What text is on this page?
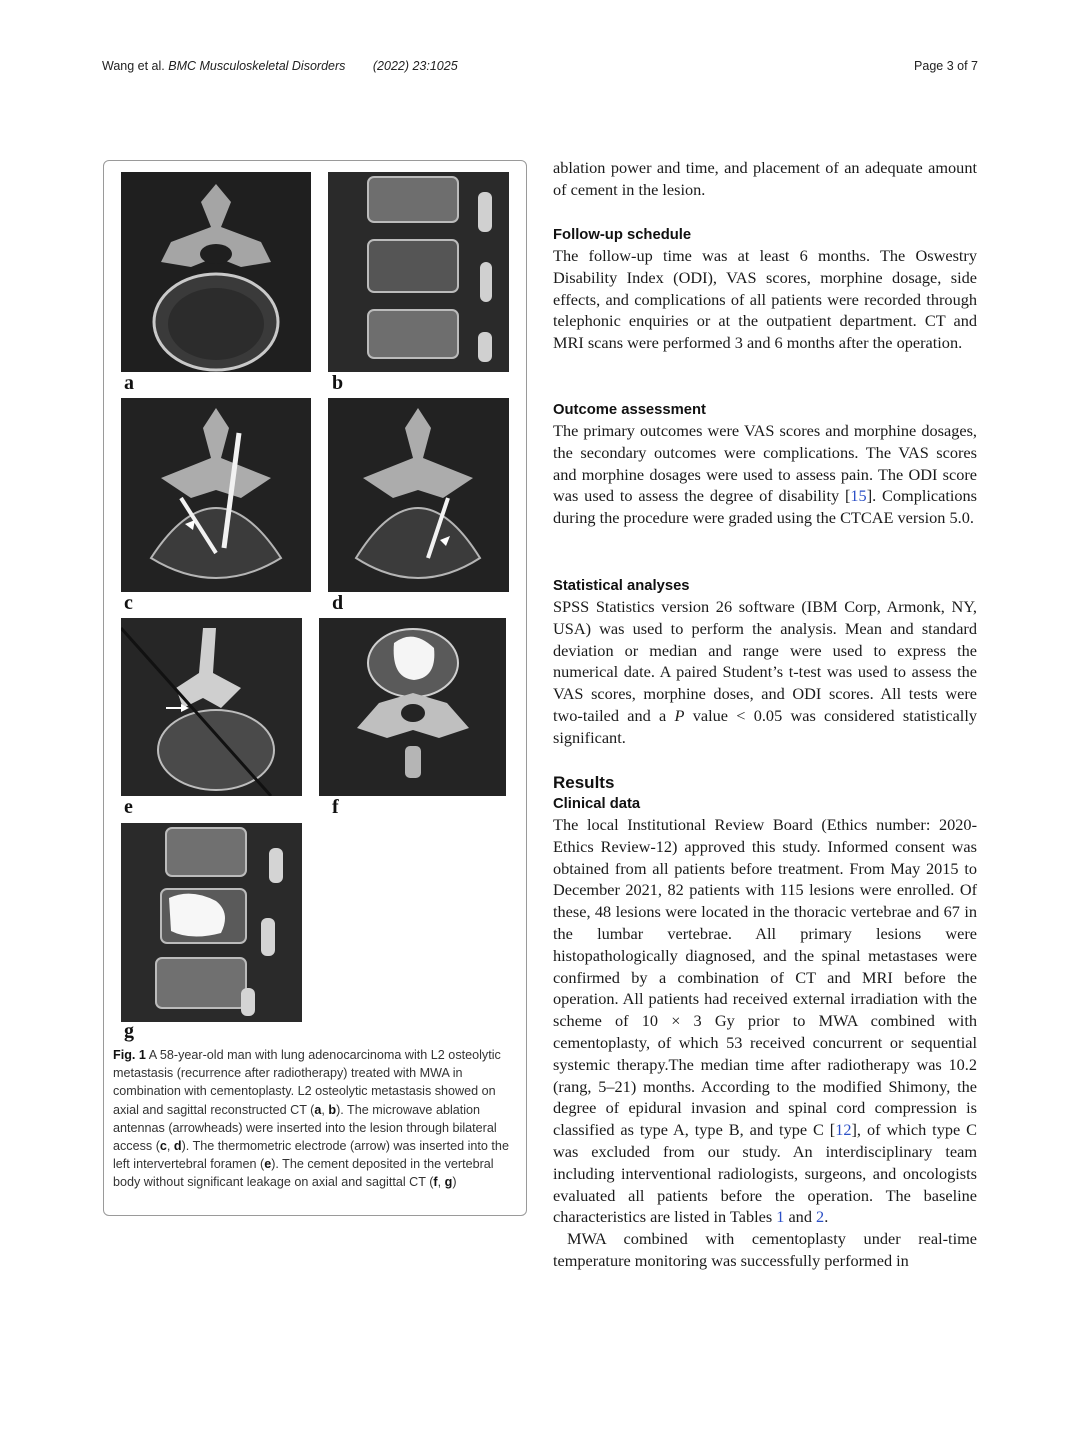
Wang et al. BMC Musculoskeletal Disorders (2022) 23:1025	Page 3 of 7
a	b
c	d
e	f
g
Fig. 1 A 58-year-old man with lung adenocarcinoma with L2 osteolytic metastasis (recurrence after radiotherapy) treated with MWA in combination with cementoplasty. L2 osteolytic metastasis showed on axial and sagittal reconstructed CT (a, b). The microwave ablation antennas (arrowheads) were inserted into the lesion through bilateral access (c, d). The thermometric electrode (arrow) was inserted into the left intervertebral foramen (e). The cement deposited in the vertebral body without significant leakage on axial and sagittal CT (f, g)

ablation power and time, and placement of an adequate amount of cement in the lesion.

Follow-up schedule

The follow-up time was at least 6 months. The Oswestry Disability Index (ODI), VAS scores, morphine dosage, side effects, and complications of all patients were recorded through telephonic enquiries or at the outpatient department. CT and MRI scans were performed 3 and 6 months after the operation.

Outcome assessment

The primary outcomes were VAS scores and morphine dosages, the secondary outcomes were complications. The VAS scores and morphine dosages were used to assess pain. The ODI score was used to assess the degree of disability [15]. Complications during the procedure were graded using the CTCAE version 5.0.

Statistical analyses

SPSS Statistics version 26 software (IBM Corp, Armonk, NY, USA) was used to perform the analysis. Mean and standard deviation or median and range were used to express the numerical date. A paired Student’s t-test was used to assess the VAS scores, morphine doses, and ODI scores. All tests were two-tailed and a P value < 0.05 was considered statistically significant.

Results
Clinical data

The local Institutional Review Board (Ethics number: 2020-Ethics Review-12) approved this study. Informed consent was obtained from all patients before treatment. From May 2015 to December 2021, 82 patients with 115 lesions were enrolled. Of these, 48 lesions were located in the thoracic vertebrae and 67 in the lumbar vertebrae. All primary lesions were histopathologically diagnosed, and the spinal metastases were confirmed by a combination of CT and MRI before the operation. All patients had received external irradiation with the scheme of 10 × 3 Gy prior to MWA combined with cementoplasty, of which 53 received concurrent or sequential systemic therapy.The median time after radiotherapy was 10.2 (rang, 5–21) months. According to the modified Shimony, the degree of epidural invasion and spinal cord compression is classified as type A, type B, and type C [12], of which type C was excluded from our study. An interdisciplinary team including interventional radiologists, surgeons, and oncologists evaluated all patients before the operation. The baseline characteristics are listed in Tables 1 and 2.

MWA combined with cementoplasty under real-time temperature monitoring was successfully performed in
